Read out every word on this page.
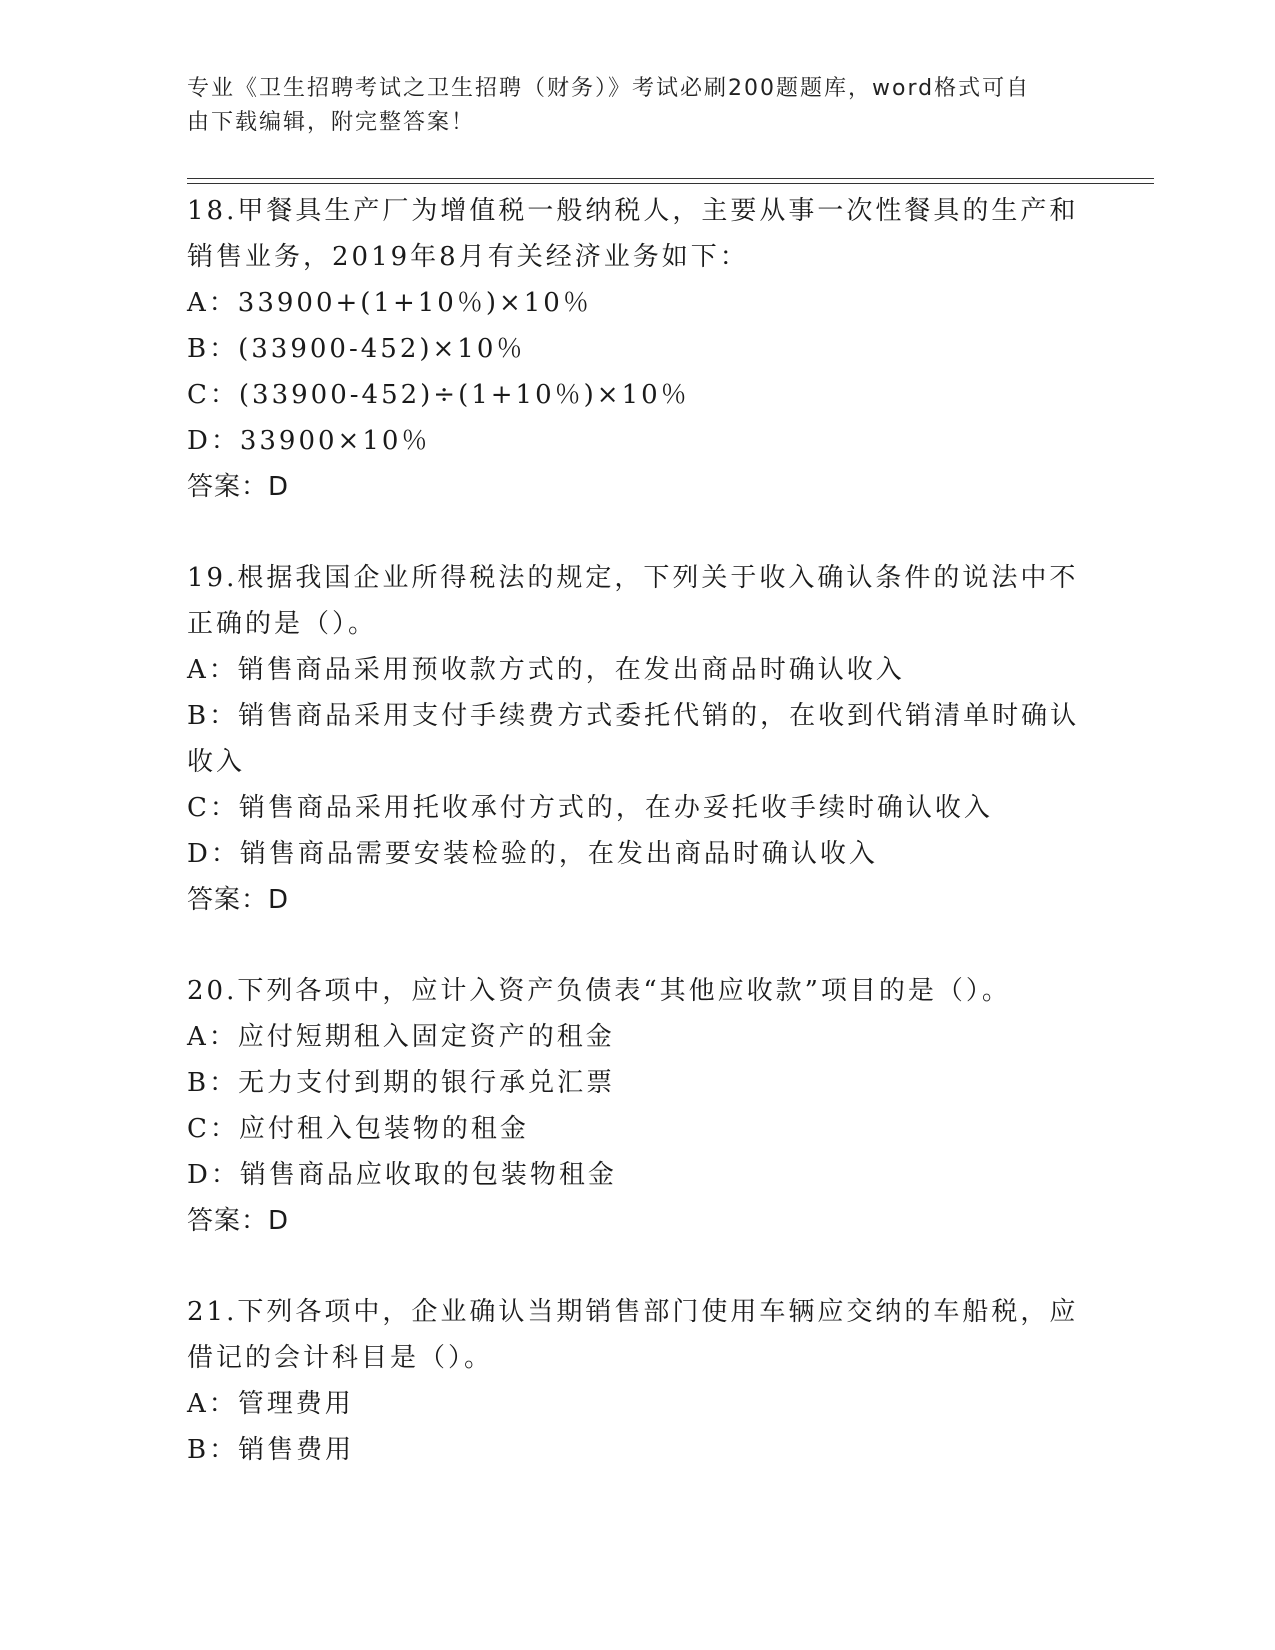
专业《卫生招聘考试之卫生招聘（财务）》考试必刷200题题库，word格式可自
由下载编辑，附完整答案！
18.甲餐具生产厂为增值税一般纳税人，主要从事一次性餐具的生产和
销售业务，2019年8月有关经济业务如下：
A：33900+(1+10％)×10％
B：(33900-452)×10％
C：(33900-452)÷(1+10％)×10％
D：33900×10％
答案：D
19.根据我国企业所得税法的规定，下列关于收入确认条件的说法中不
正确的是（）。
A：销售商品采用预收款方式的，在发出商品时确认收入
B：销售商品采用支付手续费方式委托代销的，在收到代销清单时确认
收入
C：销售商品采用托收承付方式的，在办妥托收手续时确认收入
D：销售商品需要安装检验的，在发出商品时确认收入
答案：D
20.下列各项中，应计入资产负债表“其他应收款”项目的是（）。
A：应付短期租入固定资产的租金
B：无力支付到期的银行承兑汇票
C：应付租入包装物的租金
D：销售商品应收取的包装物租金
答案：D
21.下列各项中，企业确认当期销售部门使用车辆应交纳的车船税，应
借记的会计科目是（）。
A：管理费用
B：销售费用
